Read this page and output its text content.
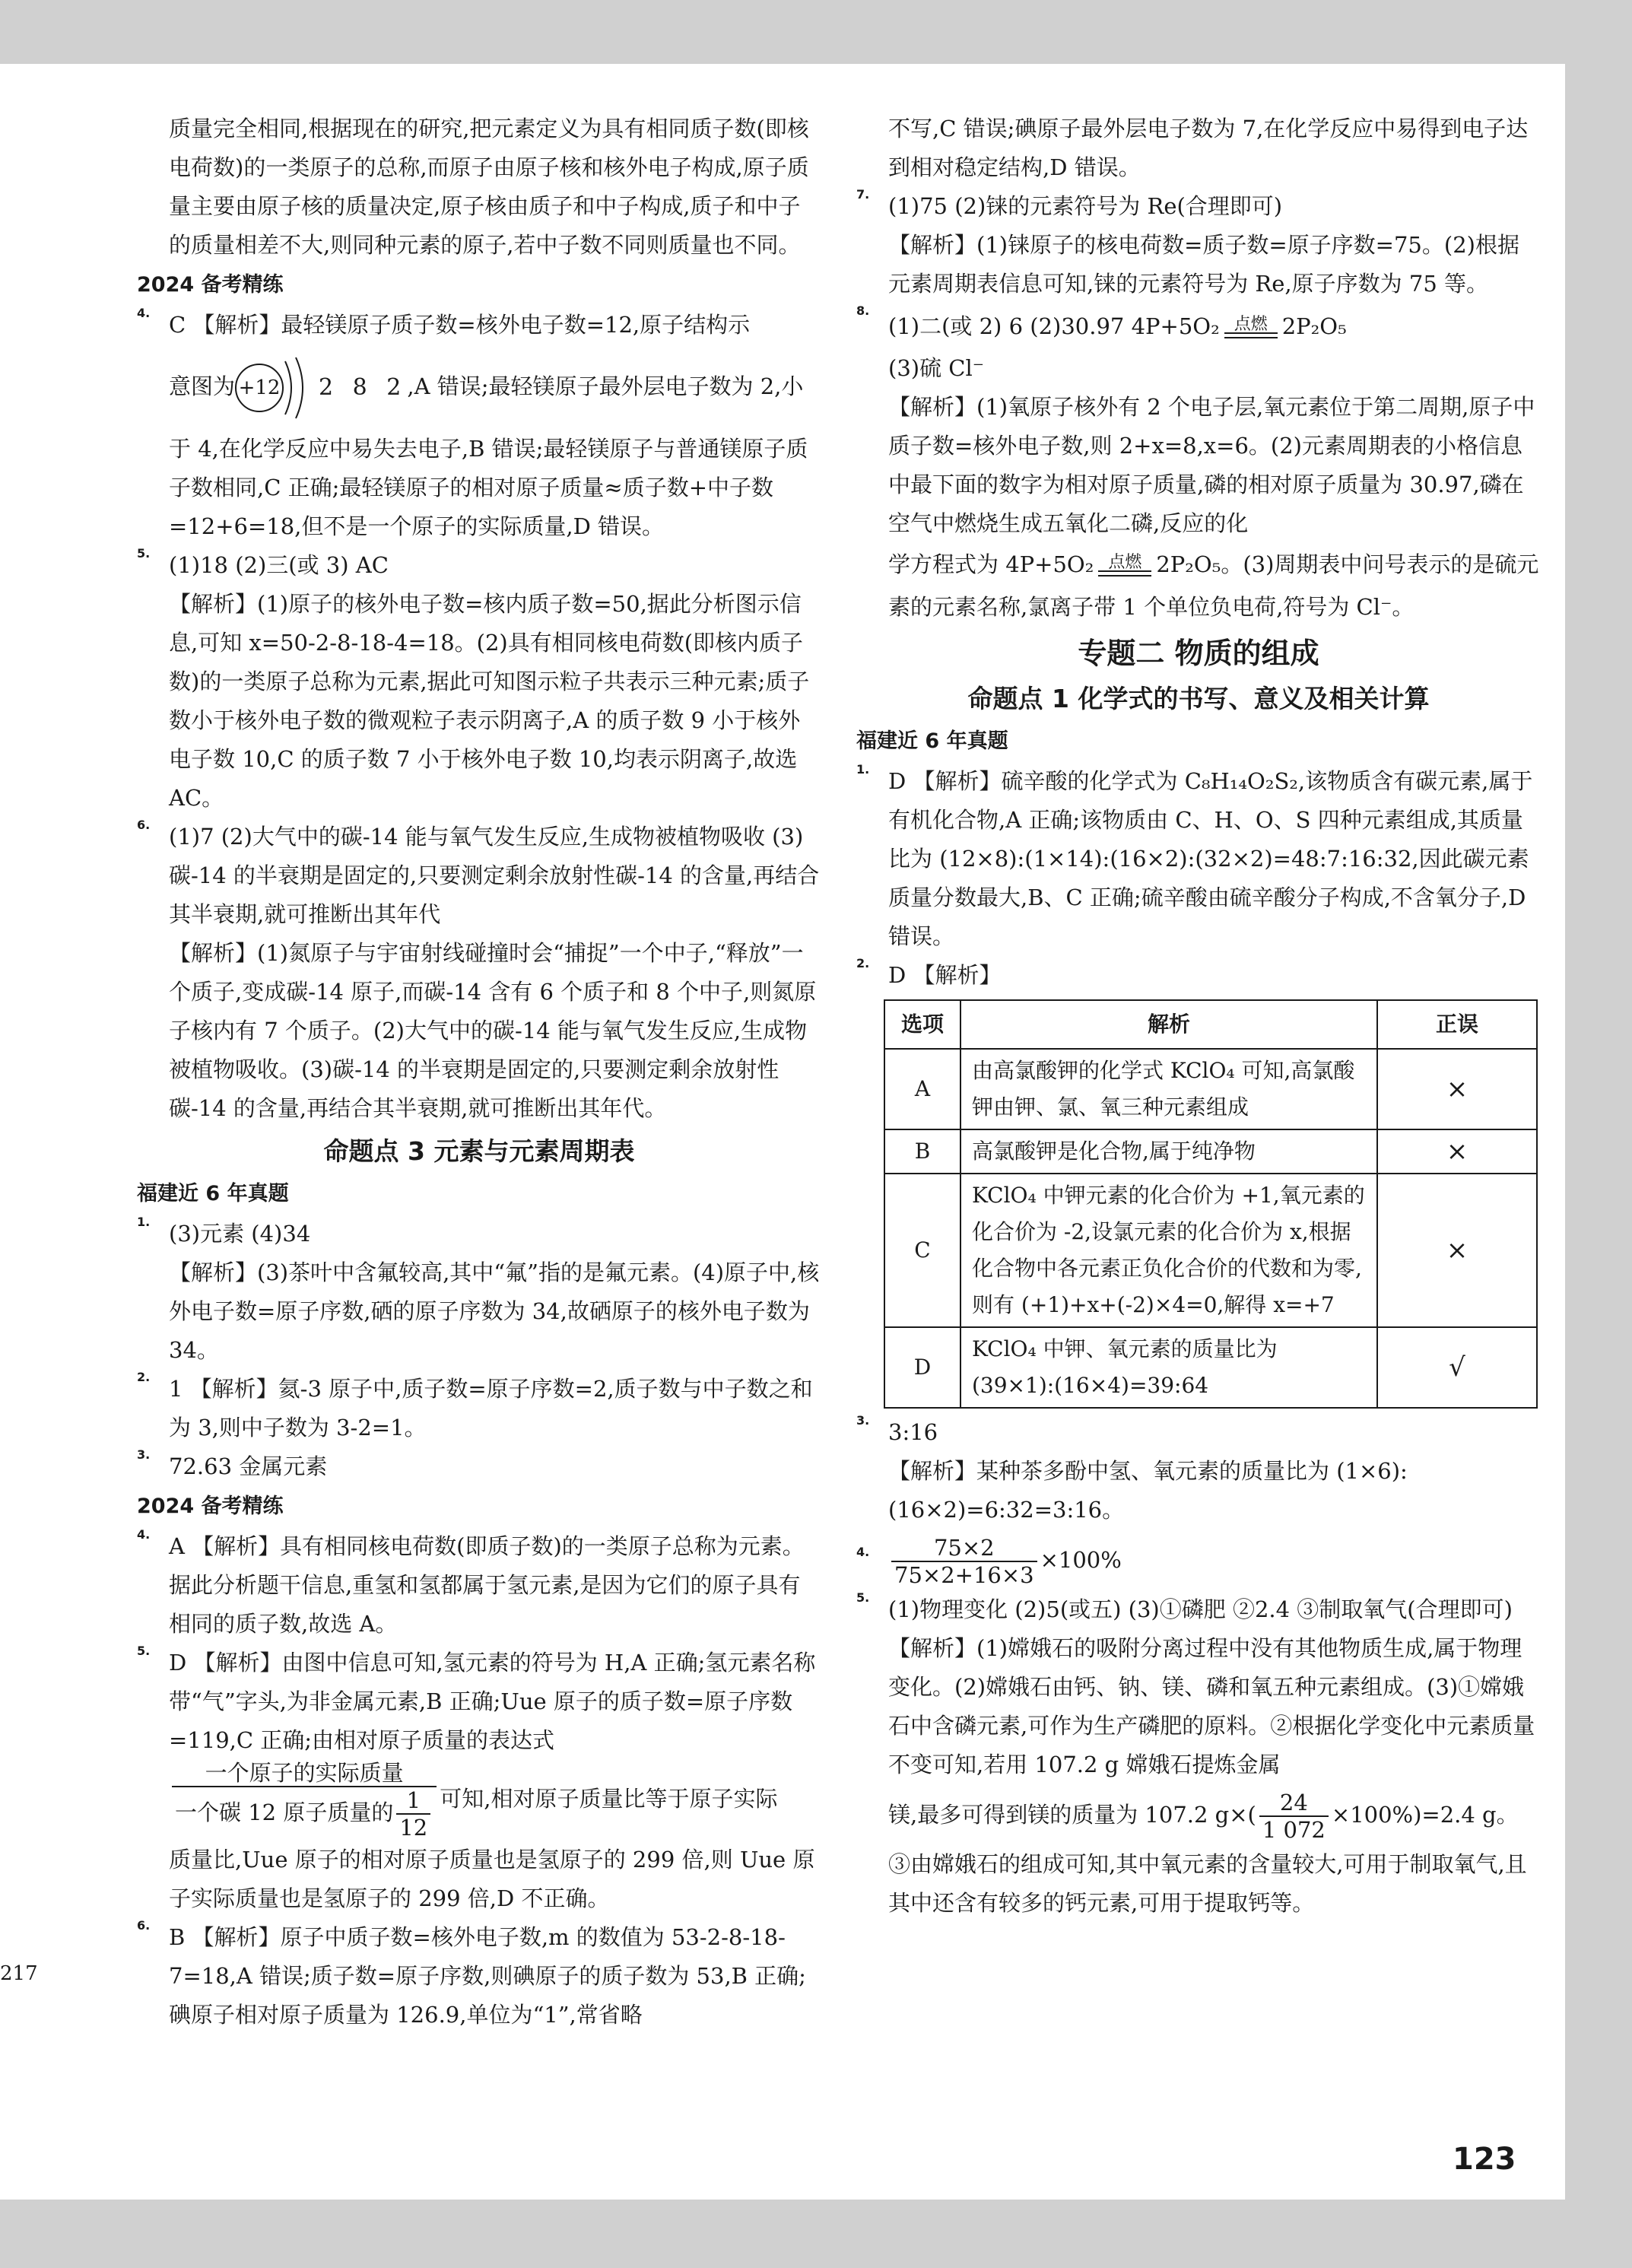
质量完全相同,根据现在的研究,把元素定义为具有相同质子数(即核电荷数)的一类原子的总称,而原子由原子核和核外电子构成,原子质量主要由原子核的质量决定,原子核由质子和中子构成,质子和中子的质量相差不大,则同种元素的原子,若中子数不同则质量也不同。

2024 备考精练
4. C 【解析】最轻镁原子质子数=核外电子数=12,原子结构示

意图为 +12 2 8 2 ,A 错误;最轻镁原子最外层电子数为 2,小

于 4,在化学反应中易失去电子,B 错误;最轻镁原子与普通镁原子质子数相同,C 正确;最轻镁原子的相对原子质量≈质子数+中子数=12+6=18,但不是一个原子的实际质量,D 错误。

5. (1)18 (2)三(或 3) AC

【解析】(1)原子的核外电子数=核内质子数=50,据此分析图示信息,可知 x=50-2-8-18-4=18。(2)具有相同核电荷数(即核内质子数)的一类原子总称为元素,据此可知图示粒子共表示三种元素;质子数小于核外电子数的微观粒子表示阴离子,A 的质子数 9 小于核外电子数 10,C 的质子数 7 小于核外电子数 10,均表示阴离子,故选 AC。

6. (1)7 (2)大气中的碳-14 能与氧气发生反应,生成物被植物吸收 (3)碳-14 的半衰期是固定的,只要测定剩余放射性碳-14 的含量,再结合其半衰期,就可推断出其年代

【解析】(1)氮原子与宇宙射线碰撞时会“捕捉”一个中子,“释放”一个质子,变成碳-14 原子,而碳-14 含有 6 个质子和 8 个中子,则氮原子核内有 7 个质子。(2)大气中的碳-14 能与氧气发生反应,生成物被植物吸收。(3)碳-14 的半衰期是固定的,只要测定剩余放射性碳-14 的含量,再结合其半衰期,就可推断出其年代。

命题点 3 元素与元素周期表
福建近 6 年真题
1. (3)元素 (4)34

【解析】(3)茶叶中含氟较高,其中“氟”指的是氟元素。(4)原子中,核外电子数=原子序数,硒的原子序数为 34,故硒原子的核外电子数为 34。

2. 1 【解析】氦-3 原子中,质子数=原子序数=2,质子数与中子数之和为 3,则中子数为 3-2=1。

3. 72.63 金属元素

2024 备考精练
4. A 【解析】具有相同核电荷数(即质子数)的一类原子总称为元素。据此分析题干信息,重氢和氢都属于氢元素,是因为它们的原子具有相同的质子数,故选 A。

5. D 【解析】由图中信息可知,氢元素的符号为 H,A 正确;氢元素名称带“气”字头,为非金属元素,B 正确;Uue 原子的质子数=原子序数=119,C 正确;由相对原子质量的表达式

$\frac{\text{一个原子的实际质量}}{一个碳 12 原子质量的 \frac{1}{12}}$ 可知,相对原子质量比等于原子实际

质量比,Uue 原子的相对原子质量也是氢原子的 299 倍,则 Uue 原子实际质量也是氢原子的 299 倍,D 不正确。

6. B 【解析】原子中质子数=核外电子数,m 的数值为 53-2-8-18-7=18,A 错误;质子数=原子序数,则碘原子的质子数为 53,B 正确;碘原子相对原子质量为 126.9,单位为“1”,常省略

不写,C 错误;碘原子最外层电子数为 7,在化学反应中易得到电子达到相对稳定结构,D 错误。

7. (1)75 (2)铼的元素符号为 Re(合理即可)

【解析】(1)铼原子的核电荷数=质子数=原子序数=75。(2)根据元素周期表信息可知,铼的元素符号为 Re,原子序数为 75 等。

8.

(1)二(或 2) 6 (2)30.97 4P+5O₂ 点燃 2P₂O₅

(3)硫 Cl⁻

【解析】(1)氧原子核外有 2 个电子层,氧元素位于第二周期,原子中质子数=核外电子数,则 2+x=8,x=6。(2)元素周期表的小格信息中最下面的数字为相对原子质量,磷的相对原子质量为 30.97,磷在空气中燃烧生成五氧化二磷,反应的化

学方程式为 4P+5O₂ 点燃 2P₂O₅。(3)周期表中问号表示的是硫元素的元素名称,氯离子带 1 个单位负电荷,符号为 Cl⁻。

专题二 物质的组成
命题点 1 化学式的书写、意义及相关计算
福建近 6 年真题
1. D 【解析】硫辛酸的化学式为 C₈H₁₄O₂S₂,该物质含有碳元素,属于有机化合物,A 正确;该物质由 C、H、O、S 四种元素组成,其质量比为 (12×8):(1×14):(16×2):(32×2)=48:7:16:32,因此碳元素质量分数最大,B、C 正确;硫辛酸由硫辛酸分子构成,不含氧分子,D 错误。

2. D 【解析】

选项	解析	正误
A	由高氯酸钾的化学式 KClO₄ 可知,高氯酸钾由钾、氯、氧三种元素组成	×
B	高氯酸钾是化合物,属于纯净物	×
C	KClO₄ 中钾元素的化合价为 +1,氧元素的化合价为 -2,设氯元素的化合价为 x,根据化合物中各元素正负化合价的代数和为零,则有 (+1)+x+(-2)×4=0,解得 x=+7	×
D	KClO₄ 中钾、氧元素的质量比为 (39×1):(16×4)=39:64	√
3. 3:16

【解析】某种茶多酚中氢、氧元素的质量比为 (1×6):(16×2)=6:32=3:16。

4. $\frac{75\times 2}{75\times 2+16\times 3} \times 100\%$

5. (1)物理变化 (2)5(或五) (3)①磷肥 ②2.4 ③制取氧气(合理即可)

【解析】(1)嫦娥石的吸附分离过程中没有其他物质生成,属于物理变化。(2)嫦娥石由钙、钠、镁、磷和氧五种元素组成。(3)①嫦娥石中含磷元素,可作为生产磷肥的原料。②根据化学变化中元素质量不变可知,若用 107.2 g 嫦娥石提炼金属

镁,最多可得到镁的质量为 107.2 $g\times( \frac{24}{1 072} \times 100\%)=2.4$ g。

③由嫦娥石的组成可知,其中氧元素的含量较大,可用于制取氧气,且其中还含有较多的钙元素,可用于提取钙等。

123
217
